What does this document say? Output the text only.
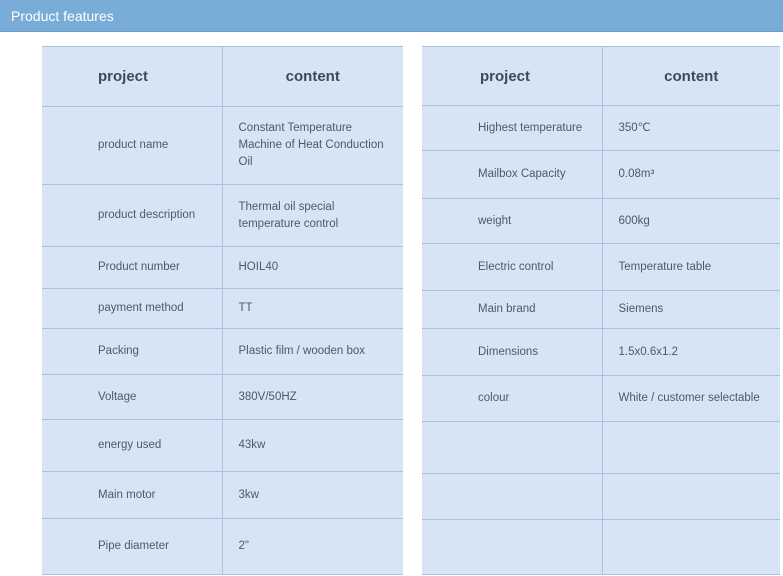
Product features
project	content
product name	Constant Temperature Machine of Heat Conduction Oil
product description	Thermal oil special temperature control
Product number	HOIL40
payment method	TT
Packing	Plastic film / wooden box
Voltage	380V/50HZ
energy used	43kw
Main motor	3kw
Pipe diameter	2"
project	content
Highest temperature	350℃
Mailbox Capacity	0.08m³
weight	600kg
Electric control	Temperature table
Main brand	Siemens
Dimensions	1.5x0.6x1.2
colour	White / customer selectable
